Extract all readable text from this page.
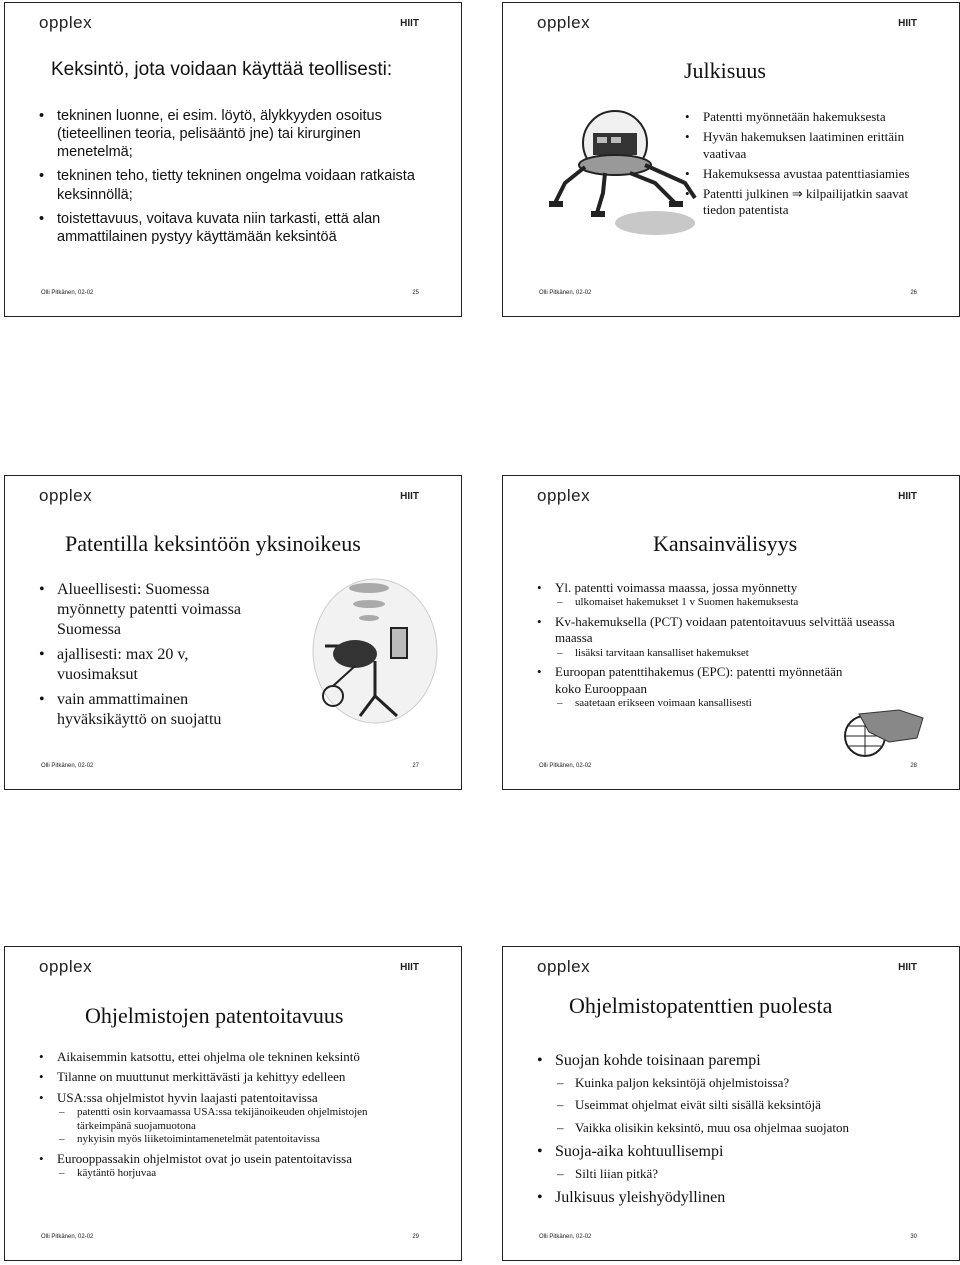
opplex	HIIT
Keksintö, jota voidaan käyttää teollisesti:
• tekninen luonne, ei esim. löytö, älykkyyden osoitus (tieteellinen teoria, pelisääntö jne) tai kirurginen menetelmä;
• tekninen teho, tietty tekninen ongelma voidaan ratkaista keksinnöllä;
• toistettavuus, voitava kuvata niin tarkasti, että alan ammattilainen pystyy käyttämään keksintöä
Olli Pitkänen, 02-02	25
opplex	HIIT
Julkisuus
• Patentti myönnetään hakemuksesta
• Hyvän hakemuksen laatiminen erittäin vaativaa
• Hakemuksessa avustaa patenttiasiamies
• Patentti julkinen ⇒ kilpailijatkin saavat tiedon patentista
Olli Pitkänen, 02-02	26
opplex	HIIT
Patentilla keksintöön yksinoikeus
• Alueellisesti: Suomessa myönnetty patentti voimassa Suomessa
• ajallisesti: max 20 v, vuosimaksut
• vain ammattimainen hyväksikäyttö on suojattu
Olli Pitkänen, 02-02	27
opplex	HIIT
Kansainvälisyys
• Yl. patentti voimassa maassa, jossa myönnetty
– ulkomaiset hakemukset 1 v Suomen hakemuksesta
• Kv-hakemuksella (PCT) voidaan patentoitavuus selvittää useassa maassa
– lisäksi tarvitaan kansalliset hakemukset
• Euroopan patenttihakemus (EPC): patentti myönnetään koko Eurooppaan
– saatetaan erikseen voimaan kansallisesti
Olli Pitkänen, 02-02	28
opplex	HIIT
Ohjelmistojen patentoitavuus
• Aikaisemmin katsottu, ettei ohjelma ole tekninen keksintö
• Tilanne on muuttunut merkittävästi ja kehittyy edelleen
• USA:ssa ohjelmistot hyvin laajasti patentoitavissa
– patentti osin korvaamassa USA:ssa tekijänoikeuden ohjelmistojen tärkeimpänä suojamuotona
– nykyisin myös liiketoimintamenetelmät patentoitavissa
• Eurooppassakin ohjelmistot ovat jo usein patentoitavissa
– käytäntö horjuvaa
Olli Pitkänen, 02-02	29
opplex	HIIT
Ohjelmistopatenttien puolesta
• Suojan kohde toisinaan parempi
– Kuinka paljon keksintöjä ohjelmistoissa?
– Useimmat ohjelmat eivät silti sisällä keksintöjä
– Vaikka olisikin keksintö, muu osa ohjelmaa suojaton
• Suoja-aika kohtuullisempi
– Silti liian pitkä?
• Julkisuus yleishyödyllinen
Olli Pitkänen, 02-02	30
